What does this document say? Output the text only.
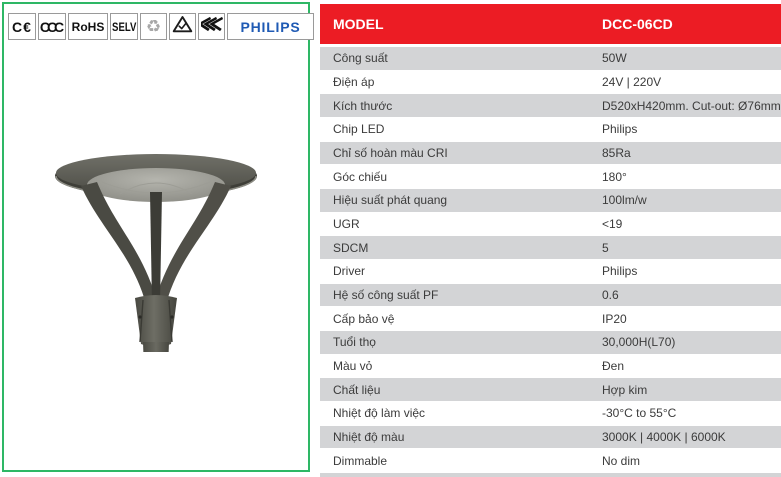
C€ CCC RoHS SELV ♻	PHILIPS	MODEL	DCC-06CD
Công suất	50W
Điện áp	24V | 220V
Kích thước	D520xH420mm. Cut-out: Ø76mm
Chip LED	Philips
Chỉ số hoàn màu CRI	85Ra
Góc chiếu	180°
Hiệu suất phát quang	100lm/w
UGR	<19
SDCM	5
Driver	Philips
Hệ số công suất PF	0.6
Cấp bảo vệ	IP20
Tuổi thọ	30,000H(L70)
Màu vỏ	Đen
Chất liệu	Hợp kim
Nhiệt độ làm việc	-30°C to 55°C
Nhiệt độ màu	3000K | 4000K | 6000K
Dimmable	No dim
